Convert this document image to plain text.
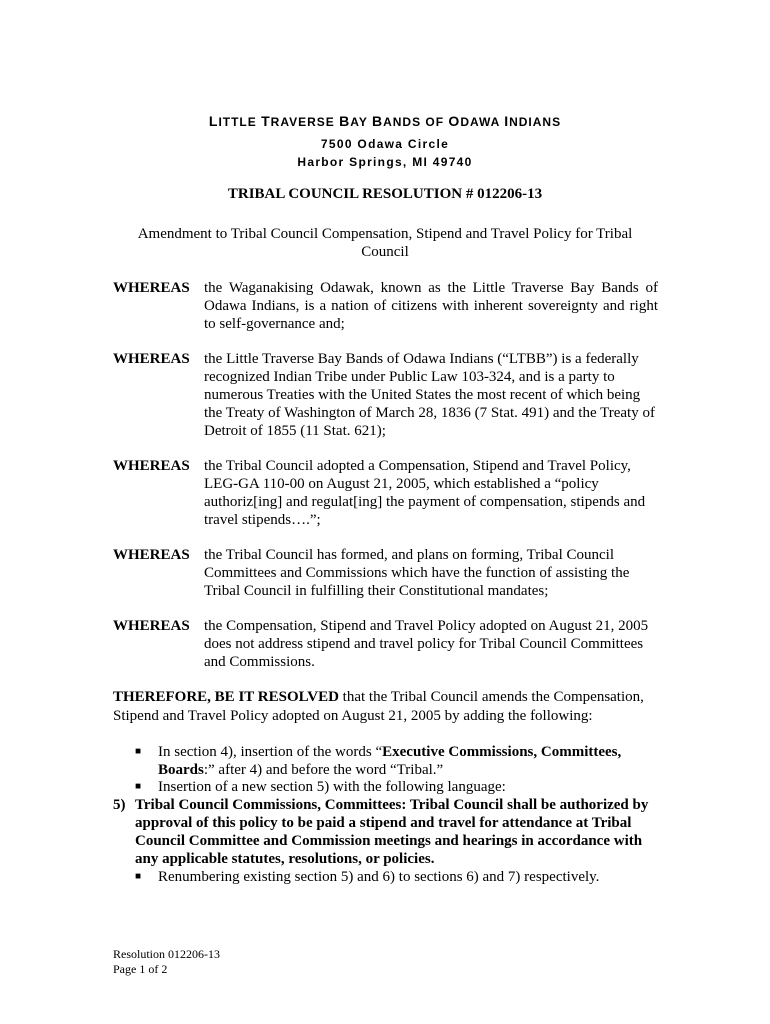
LITTLE TRAVERSE BAY BANDS OF ODAWA INDIANS
7500 Odawa Circle
Harbor Springs, MI 49740
TRIBAL COUNCIL RESOLUTION # 012206-13
Amendment to Tribal Council Compensation, Stipend and Travel Policy for Tribal Council
WHEREAS the Waganakising Odawak, known as the Little Traverse Bay Bands of Odawa Indians, is a nation of citizens with inherent sovereignty and right to self-governance and;
WHEREAS the Little Traverse Bay Bands of Odawa Indians (“LTBB”) is a federally recognized Indian Tribe under Public Law 103-324, and is a party to numerous Treaties with the United States the most recent of which being the Treaty of Washington of March 28, 1836 (7 Stat. 491) and the Treaty of Detroit of 1855 (11 Stat. 621);
WHEREAS the Tribal Council adopted a Compensation, Stipend and Travel Policy, LEG-GA 110-00 on August 21, 2005, which established a “policy authoriz[ing] and regulat[ing] the payment of compensation, stipends and travel stipends….”;
WHEREAS the Tribal Council has formed, and plans on forming, Tribal Council Committees and Commissions which have the function of assisting the Tribal Council in fulfilling their Constitutional mandates;
WHEREAS the Compensation, Stipend and Travel Policy adopted on August 21, 2005 does not address stipend and travel policy for Tribal Council Committees and Commissions.
THEREFORE, BE IT RESOLVED that the Tribal Council amends the Compensation, Stipend and Travel Policy adopted on August 21, 2005 by adding the following:
■ In section 4), insertion of the words “Executive Commissions, Committees, Boards:” after 4) and before the word “Tribal.”
■ Insertion of a new section 5) with the following language:
5) Tribal Council Commissions, Committees: Tribal Council shall be authorized by approval of this policy to be paid a stipend and travel for attendance at Tribal Council Committee and Commission meetings and hearings in accordance with any applicable statutes, resolutions, or policies.
■ Renumbering existing section 5) and 6) to sections 6) and 7) respectively.
Resolution 012206-13
Page 1 of 2
